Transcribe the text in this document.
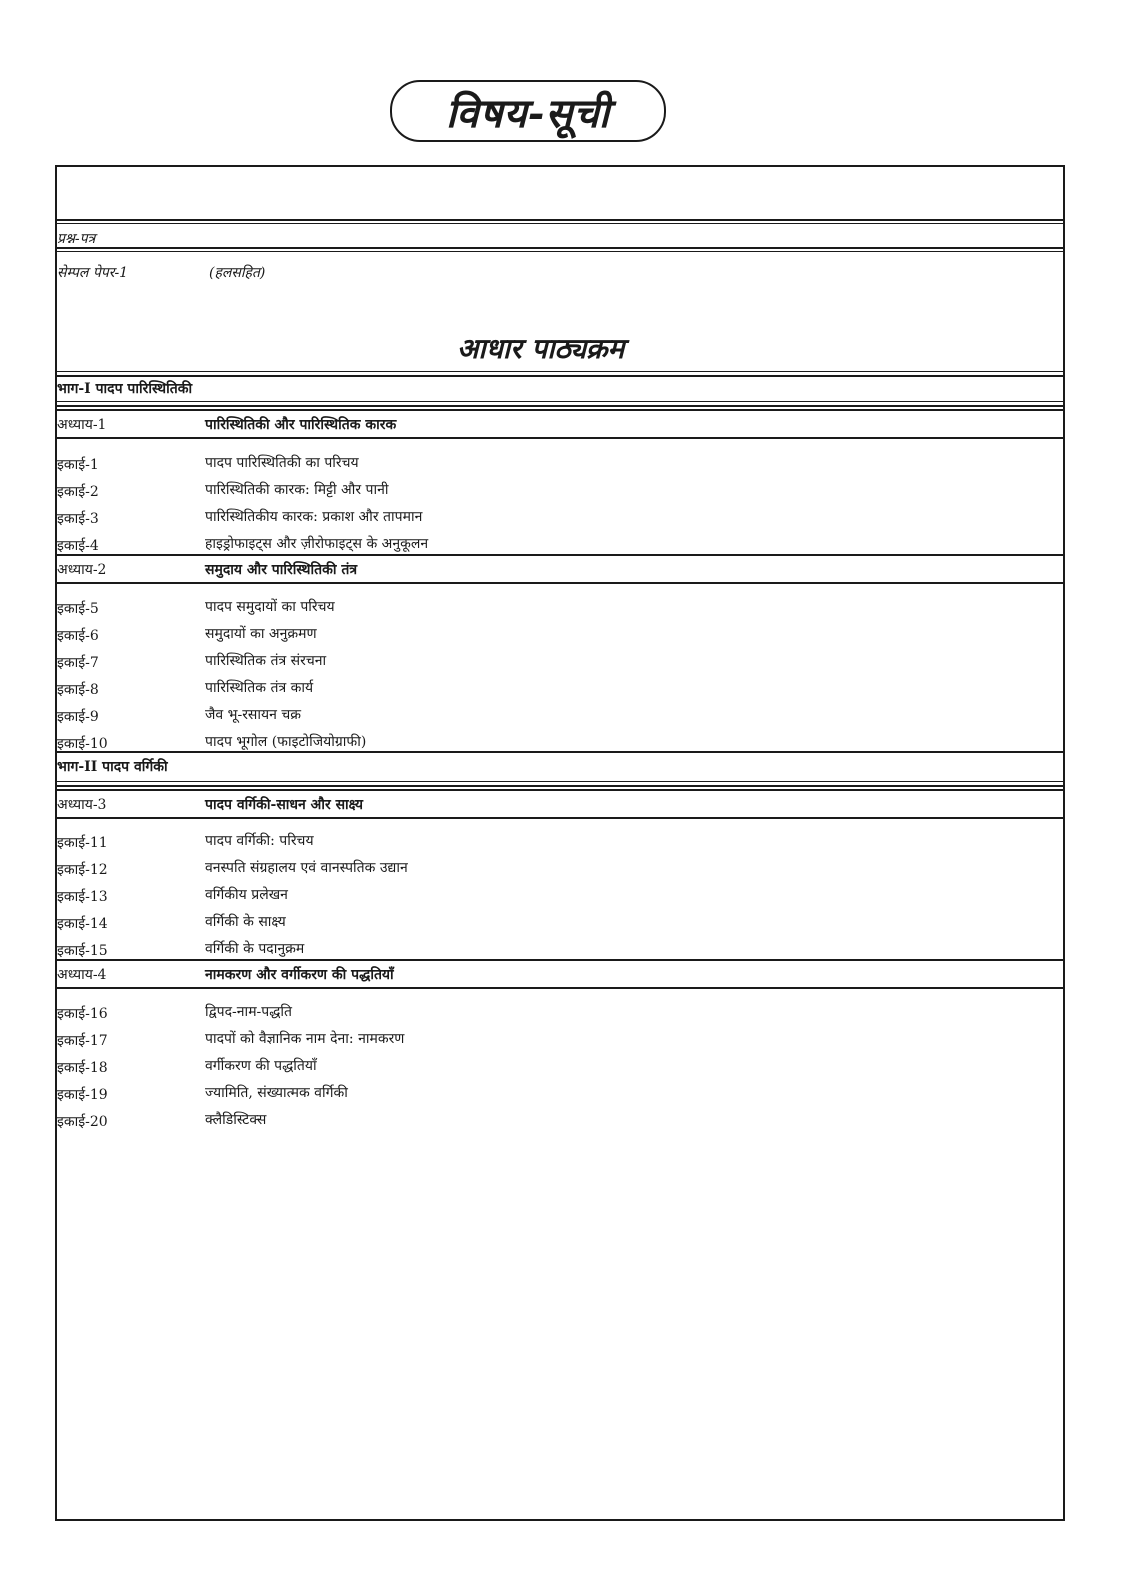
विषय-सूची
प्रश्न-पत्र
सेम्पल पेपर-1	(हलसहित)
आधार पाठ्यक्रम
भाग-I पादप पारिस्थितिकी
अध्याय-1	पारिस्थितिकी और पारिस्थितिक कारक
इकाई-1	पादप पारिस्थितिकी का परिचय
इकाई-2	पारिस्थितिकी कारक: मिट्टी और पानी
इकाई-3	पारिस्थितिकीय कारक: प्रकाश और तापमान
इकाई-4	हाइड्रोफाइट्स और ज़ीरोफाइट्स के अनुकूलन
अध्याय-2	समुदाय और पारिस्थितिकी तंत्र
इकाई-5	पादप समुदायों का परिचय
इकाई-6	समुदायों का अनुक्रमण
इकाई-7	पारिस्थितिक तंत्र संरचना
इकाई-8	पारिस्थितिक तंत्र कार्य
इकाई-9	जैव भू-रसायन चक्र
इकाई-10	पादप भूगोल (फाइटोजियोग्राफी)
भाग-II पादप वर्गिकी
अध्याय-3	पादप वर्गिकी-साधन और साक्ष्य
इकाई-11	पादप वर्गिकी: परिचय
इकाई-12	वनस्पति संग्रहालय एवं वानस्पतिक उद्यान
इकाई-13	वर्गिकीय प्रलेखन
इकाई-14	वर्गिकी के साक्ष्य
इकाई-15	वर्गिकी के पदानुक्रम
अध्याय-4	नामकरण और वर्गीकरण की पद्धतियाँ
इकाई-16	द्विपद-नाम-पद्धति
इकाई-17	पादपों को वैज्ञानिक नाम देना: नामकरण
इकाई-18	वर्गीकरण की पद्धतियाँ
इकाई-19	ज्यामिति, संख्यात्मक वर्गिकी
इकाई-20	क्लैडिस्टिक्स
